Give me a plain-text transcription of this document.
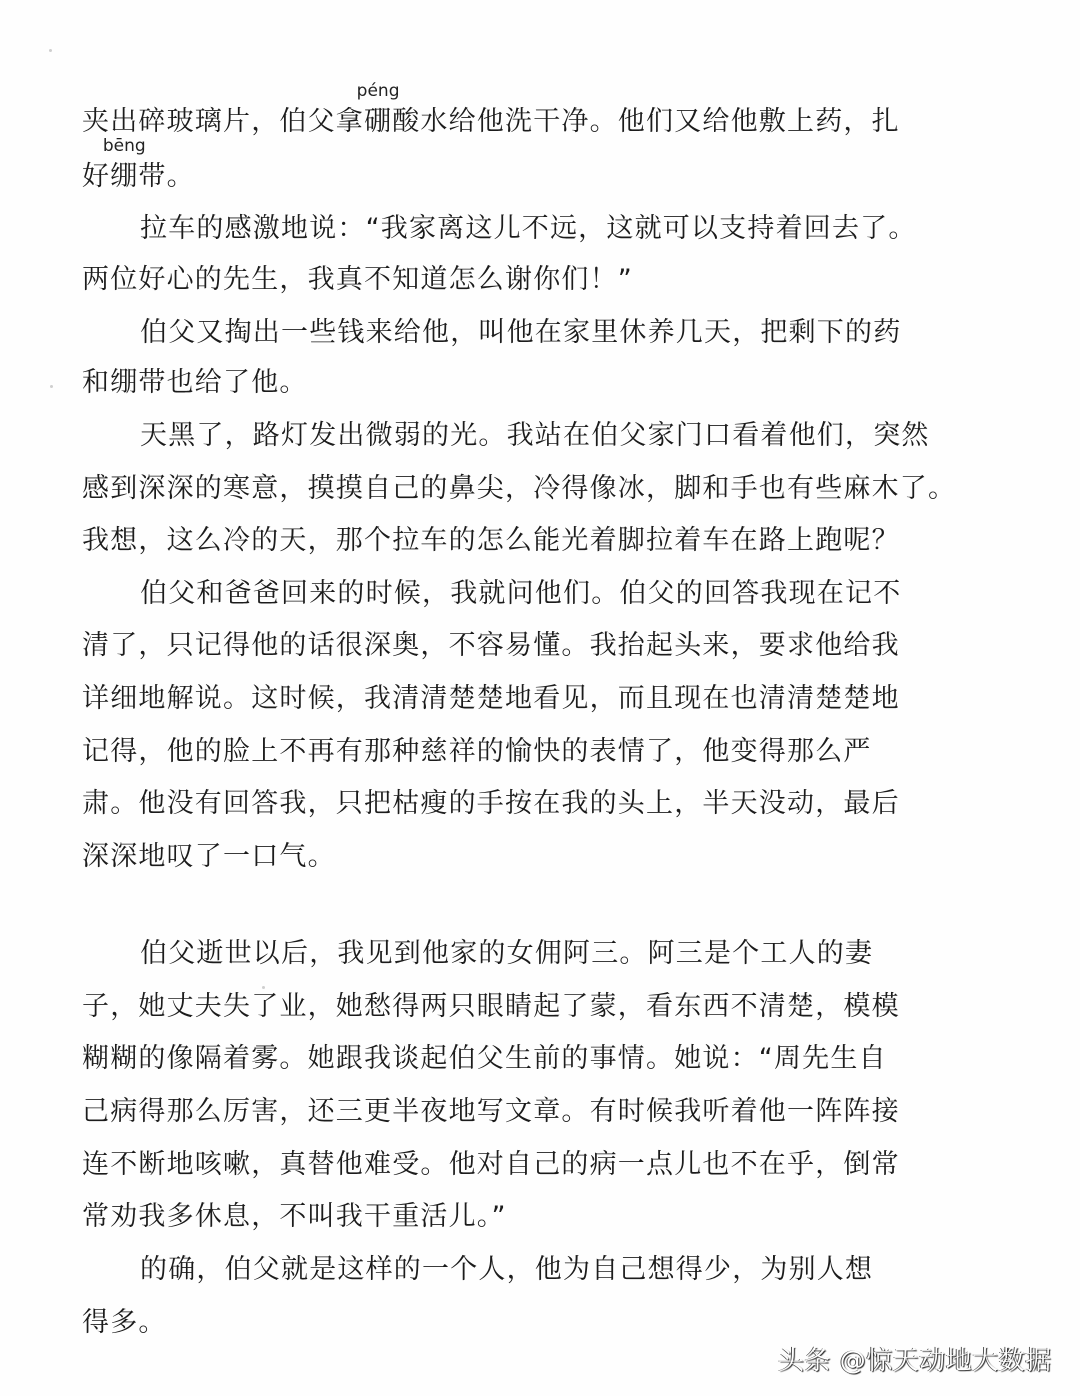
夹出碎玻璃片，伯父拿
péng
硼酸水给他洗干净。他们又给他敷上药，扎
好
bēng
绷带。
拉车的感激地说：“我家离这儿不远，这就可以支持着回去了。
两位好心的先生，我真不知道怎么谢你们！”
伯父又掏出一些钱来给他，叫他在家里休养几天，把剩下的药
和绷带也给了他。
天黑了，路灯发出微弱的光。我站在伯父家门口看着他们，突然
感到深深的寒意，摸摸自己的鼻尖，冷得像冰，脚和手也有些麻木了。
我想，这么冷的天，那个拉车的怎么能光着脚拉着车在路上跑呢？
伯父和爸爸回来的时候，我就问他们。伯父的回答我现在记不
清了，只记得他的话很深奥，不容易懂。我抬起头来，要求他给我
详细地解说。这时候，我清清楚楚地看见，而且现在也清清楚楚地
记得，他的脸上不再有那种慈祥的愉快的表情了，他变得那么严
肃。他没有回答我，只把枯瘦的手按在我的头上，半天没动，最后
深深地叹了一口气。
伯父逝世以后，我见到他家的女佣阿三。阿三是个工人的妻
子，她丈夫失了业，她愁得两只眼睛起了蒙，看东西不清楚，模模
糊糊的像隔着雾。她跟我谈起伯父生前的事情。她说：“周先生自
己病得那么厉害，还三更半夜地写文章。有时候我听着他一阵阵接
连不断地咳嗽，真替他难受。他对自己的病一点儿也不在乎，倒常
常劝我多休息，不叫我干重活儿。”
的确，伯父就是这样的一个人，他为自己想得少，为别人想
得多。
头条 @惊天动地大数据
